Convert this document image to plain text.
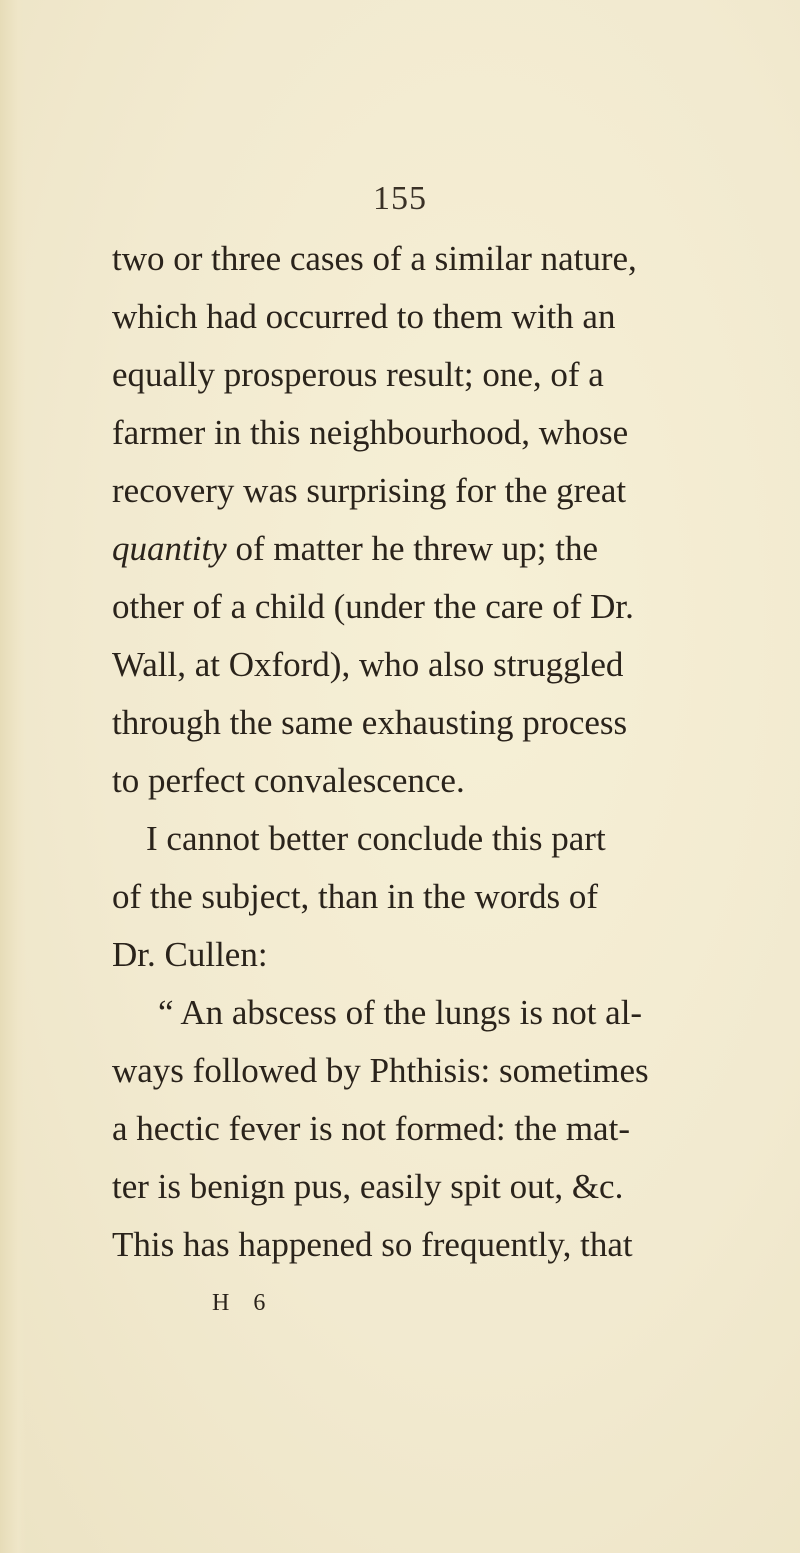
155
two or three cases of a similar nature,
which had occurred to them with an
equally prosperous result; one, of a
farmer in this neighbourhood, whose
recovery was surprising for the great
quantity of matter he threw up; the
other of a child (under the care of Dr.
Wall, at Oxford), who also struggled
through the same exhausting process
to perfect convalescence.
I cannot better conclude this part
of the subject, than in the words of
Dr. Cullen:
“ An abscess of the lungs is not al-
ways followed by Phthisis: sometimes
a hectic fever is not formed: the mat-
ter is benign pus, easily spit out, &c.
This has happened so frequently, that
H 6
